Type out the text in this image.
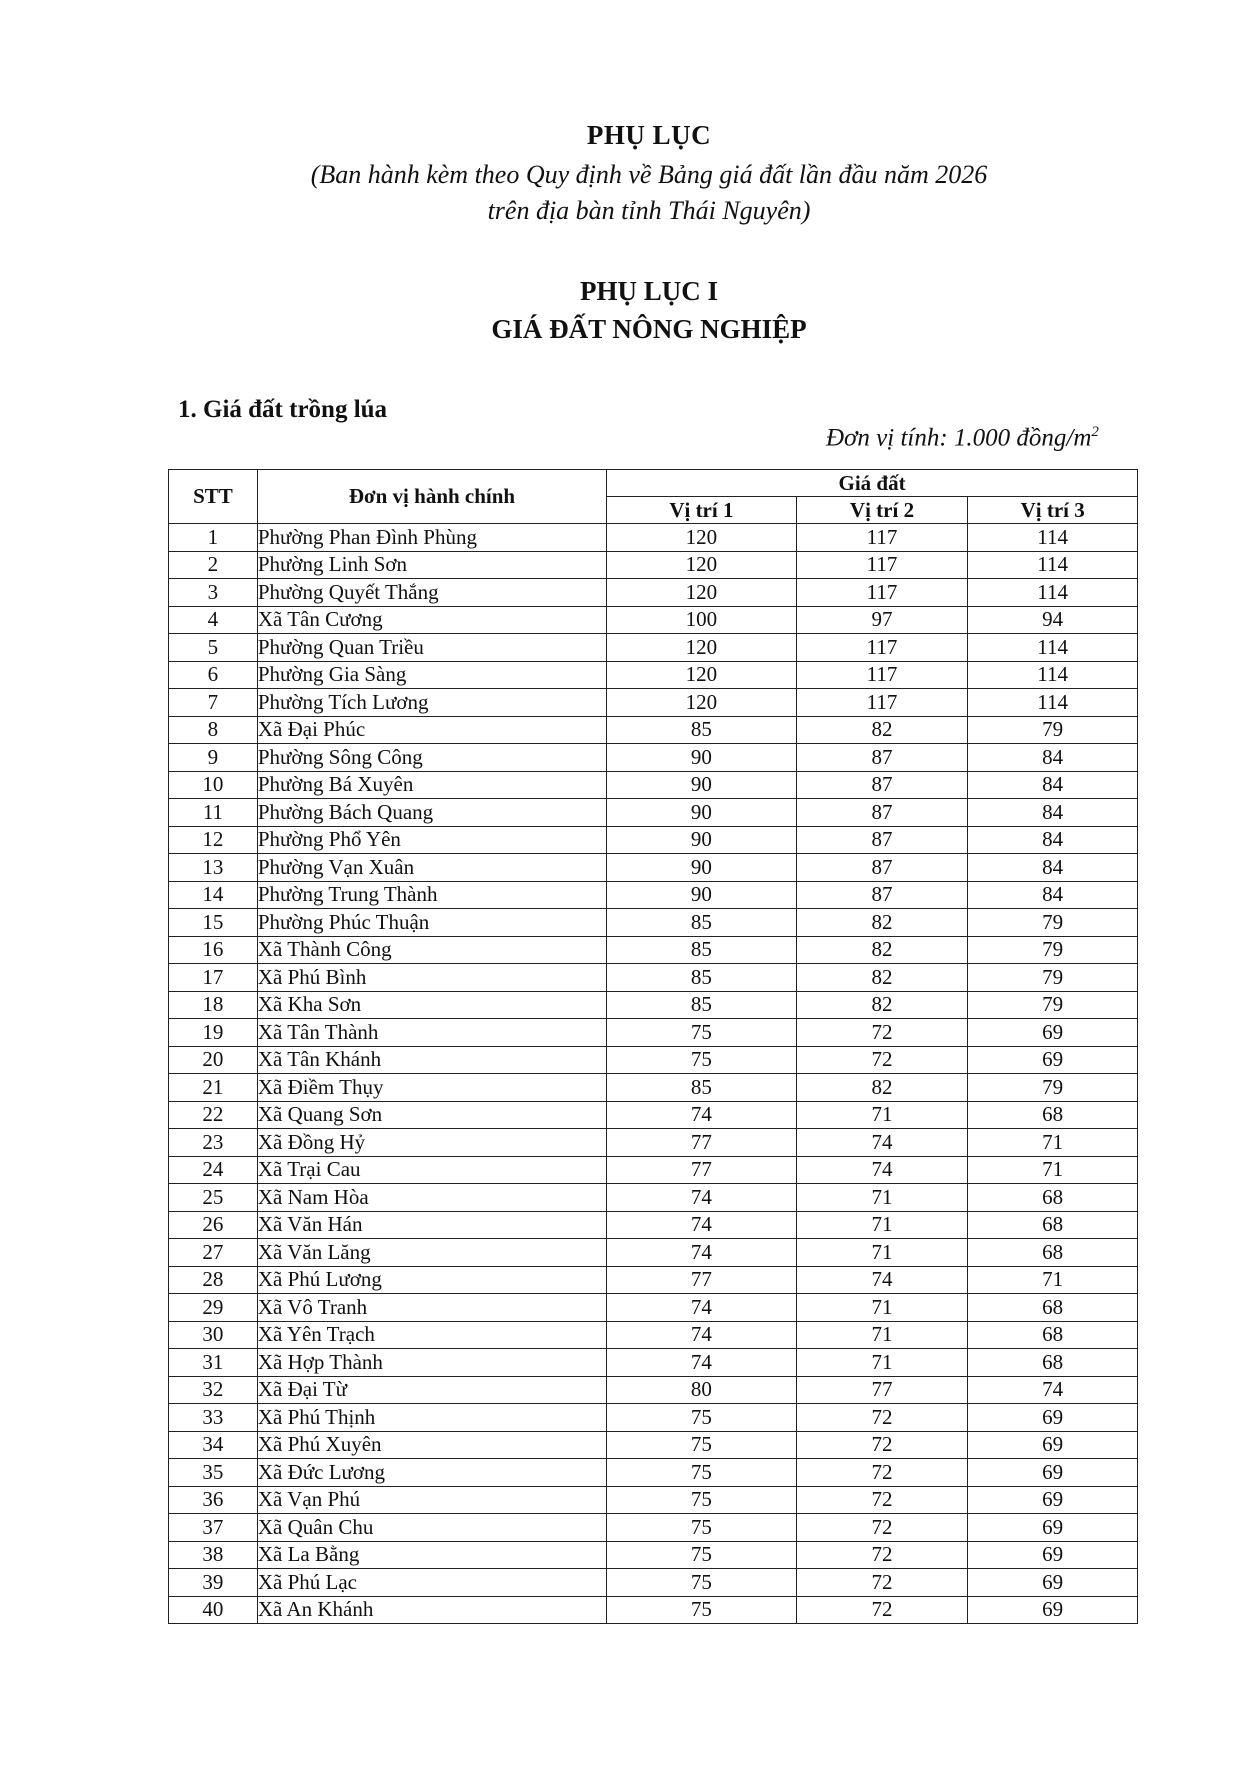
PHỤ LỤC
(Ban hành kèm theo Quy định về Bảng giá đất lần đầu năm 2026
trên địa bàn tỉnh Thái Nguyên)
PHỤ LỤC I
GIÁ ĐẤT NÔNG NGHIỆP
1. Giá đất trồng lúa
Đơn vị tính: 1.000 đồng/$m^2$
STT	Đơn vị hành chính	Giá đất		
		Vị trí 1	Vị trí 2	Vị trí 3
1	Phường Phan Đình Phùng	120	117	114
2	Phường Linh Sơn	120	117	114
3	Phường Quyết Thắng	120	117	114
4	Xã Tân Cương	100	97	94
5	Phường Quan Triều	120	117	114
6	Phường Gia Sàng	120	117	114
7	Phường Tích Lương	120	117	114
8	Xã Đại Phúc	85	82	79
9	Phường Sông Công	90	87	84
10	Phường Bá Xuyên	90	87	84
11	Phường Bách Quang	90	87	84
12	Phường Phổ Yên	90	87	84
13	Phường Vạn Xuân	90	87	84
14	Phường Trung Thành	90	87	84
15	Phường Phúc Thuận	85	82	79
16	Xã Thành Công	85	82	79
17	Xã Phú Bình	85	82	79
18	Xã Kha Sơn	85	82	79
19	Xã Tân Thành	75	72	69
20	Xã Tân Khánh	75	72	69
21	Xã Điềm Thụy	85	82	79
22	Xã Quang Sơn	74	71	68
23	Xã Đồng Hỷ	77	74	71
24	Xã Trại Cau	77	74	71
25	Xã Nam Hòa	74	71	68
26	Xã Văn Hán	74	71	68
27	Xã Văn Lăng	74	71	68
28	Xã Phú Lương	77	74	71
29	Xã Vô Tranh	74	71	68
30	Xã Yên Trạch	74	71	68
31	Xã Hợp Thành	74	71	68
32	Xã Đại Từ	80	77	74
33	Xã Phú Thịnh	75	72	69
34	Xã Phú Xuyên	75	72	69
35	Xã Đức Lương	75	72	69
36	Xã Vạn Phú	75	72	69
37	Xã Quân Chu	75	72	69
38	Xã La Bằng	75	72	69
39	Xã Phú Lạc	75	72	69
40	Xã An Khánh	75	72	69
